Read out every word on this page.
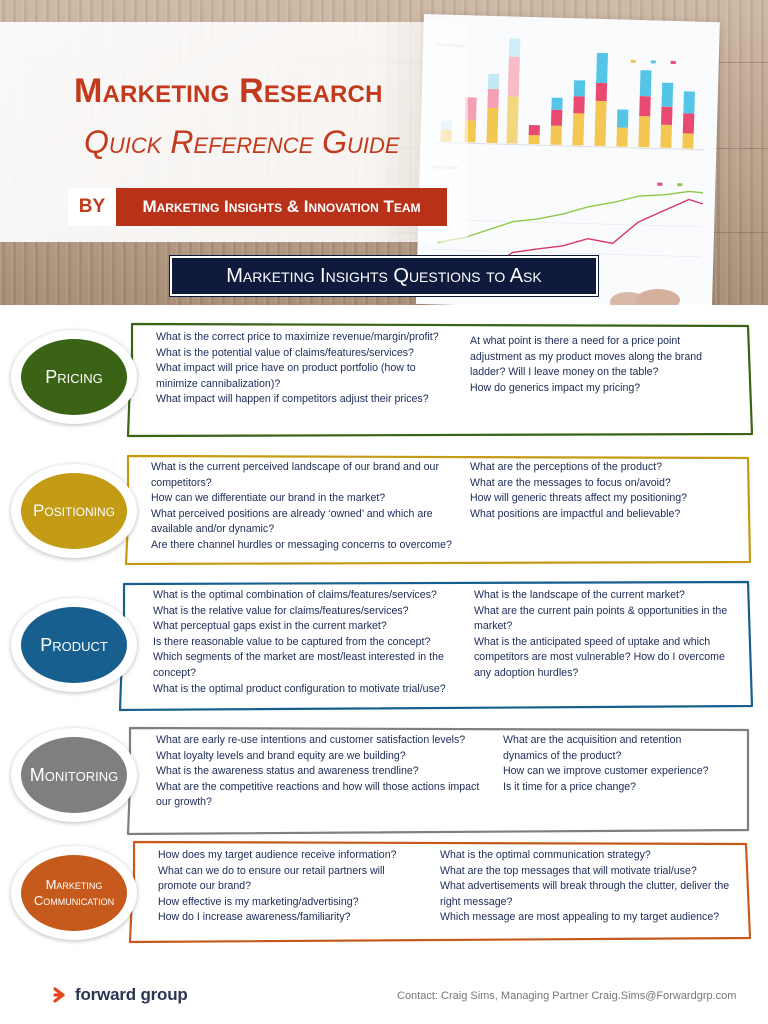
Marketing Research
Quick Reference Guide
BY	Marketing Insights & Innovation Team
Marketing Insights Questions to Ask
Pricing

What is the correct price to maximize revenue/margin/profit?

What is the potential value of claims/features/services?

What impact will price have on product portfolio (how to minimize cannibalization)?

What impact will happen if competitors adjust their prices?

At what point is there a need for a price point adjustment as my product moves along the brand ladder? Will I leave money on the table?

How do generics impact my pricing?

Positioning

What is the current perceived landscape of our brand and our competitors?

How can we differentiate our brand in the market?

What perceived positions are already ‘owned’ and which are available and/or dynamic?

Are there channel hurdles or messaging concerns to overcome?

What are the perceptions of the product?

What are the messages to focus on/avoid?

How will generic threats affect my positioning?

What positions are impactful and believable?

Product

What is the optimal combination of claims/features/services?

What is the relative value for claims/features/services?

What perceptual gaps exist in the current market?

Is there reasonable value to be captured from the concept?

Which segments of the market are most/least interested in the concept?

What is the optimal product configuration to motivate trial/use?

What is the landscape of the current market?

What are the current pain points & opportunities in the market?

What is the anticipated speed of uptake and which competitors are most vulnerable? How do I overcome any adoption hurdles?

Monitoring

What are early re-use intentions and customer satisfaction levels?

What loyalty levels and brand equity are we building?

What is the awareness status and awareness trendline?

What are the competitive reactions and how will those actions impact our growth?

What are the acquisition and retention dynamics of the product?

How can we improve customer experience?

Is it time for a price change?

Marketing
Communication

How does my target audience receive information?

What can we do to ensure our retail partners will promote our brand?

How effective is my marketing/advertising?

How do I increase awareness/familiarity?

What is the optimal communication strategy?

What are the top messages that will motivate trial/use?

What advertisements will break through the clutter, deliver the right message?

Which message are most appealing to my target audience?

forward group	Contact: Craig Sims, Managing Partner Craig.Sims@Forwardgrp.com
